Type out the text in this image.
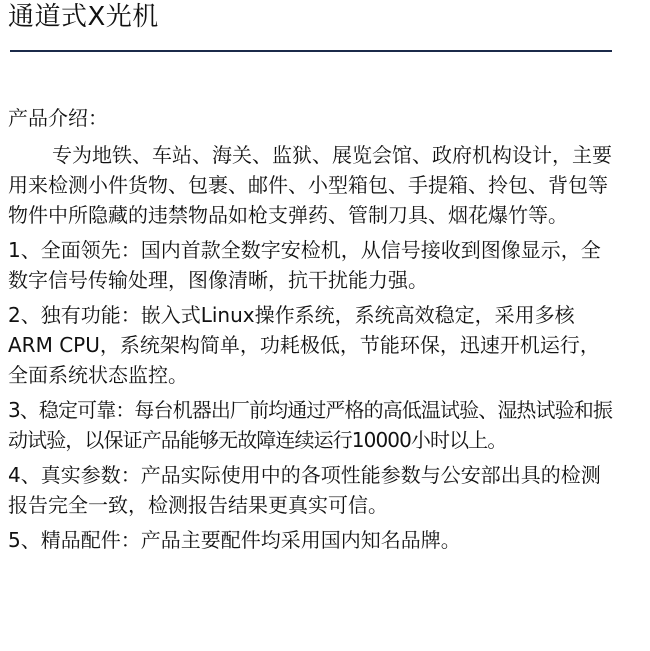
通道式X光机

产品介绍：

专为地铁、车站、海关、监狱、展览会馆、政府机构设计，主要用来检测小件货物、包裹、邮件、小型箱包、手提箱、拎包、背包等物件中所隐藏的违禁物品如枪支弹药、管制刀具、烟花爆竹等。

1、全面领先：国内首款全数字安检机，从信号接收到图像显示，全数字信号传输处理，图像清晰，抗干扰能力强。

2、独有功能：嵌入式Linux操作系统，系统高效稳定，采用多核ARM CPU，系统架构简单，功耗极低，节能环保，迅速开机运行，全面系统状态监控。

3、稳定可靠：每台机器出厂前均通过严格的高低温试验、湿热试验和振动试验，以保证产品能够无故障连续运行10000小时以上。

4、真实参数：产品实际使用中的各项性能参数与公安部出具的检测报告完全一致，检测报告结果更真实可信。

5、精品配件：产品主要配件均采用国内知名品牌。
